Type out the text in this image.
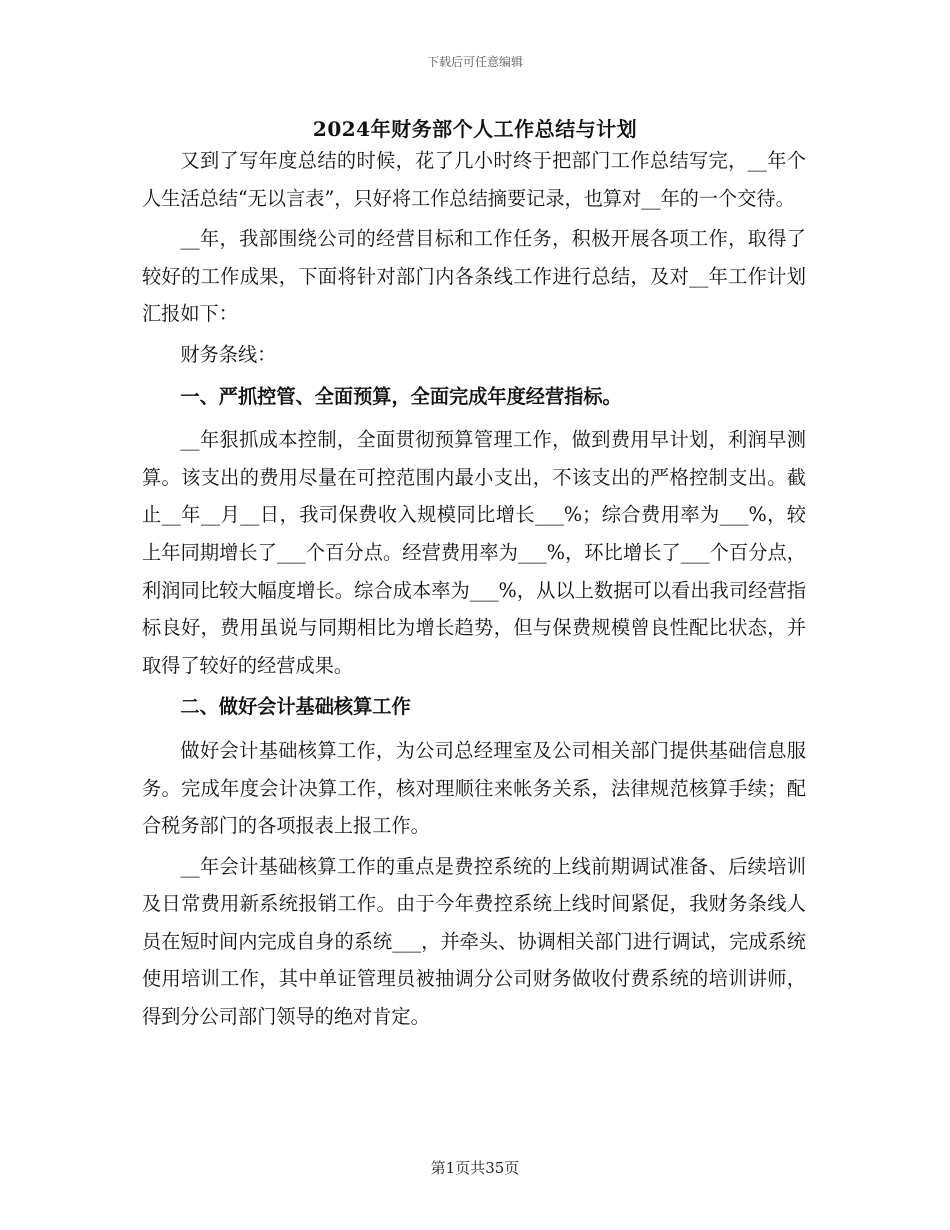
下载后可任意编辑
2024年财务部个人工作总结与计划

又到了写年度总结的时候，花了几小时终于把部门工作总结写完，__年个人生活总结“无以言表”，只好将工作总结摘要记录，也算对__年的一个交待。

__年，我部围绕公司的经营目标和工作任务，积极开展各项工作，取得了较好的工作成果，下面将针对部门内各条线工作进行总结，及对__年工作计划汇报如下：

财务条线：

一、严抓控管、全面预算，全面完成年度经营指标。

__年狠抓成本控制，全面贯彻预算管理工作，做到费用早计划，利润早测算。该支出的费用尽量在可控范围内最小支出，不该支出的严格控制支出。截止__年__月__日，我司保费收入规模同比增长___%；综合费用率为___%，较上年同期增长了___个百分点。经营费用率为___%，环比增长了___个百分点，利润同比较大幅度增长。综合成本率为___%，从以上数据可以看出我司经营指标良好，费用虽说与同期相比为增长趋势，但与保费规模曾良性配比状态，并取得了较好的经营成果。

二、做好会计基础核算工作

做好会计基础核算工作，为公司总经理室及公司相关部门提供基础信息服务。完成年度会计决算工作，核对理顺往来帐务关系，法律规范核算手续；配合税务部门的各项报表上报工作。

__年会计基础核算工作的重点是费控系统的上线前期调试准备、后续培训及日常费用新系统报销工作。由于今年费控系统上线时间紧促，我财务条线人员在短时间内完成自身的系统___，并牵头、协调相关部门进行调试，完成系统使用培训工作，其中单证管理员被抽调分公司财务做收付费系统的培训讲师，得到分公司部门领导的绝对肯定。

第1页共35页
